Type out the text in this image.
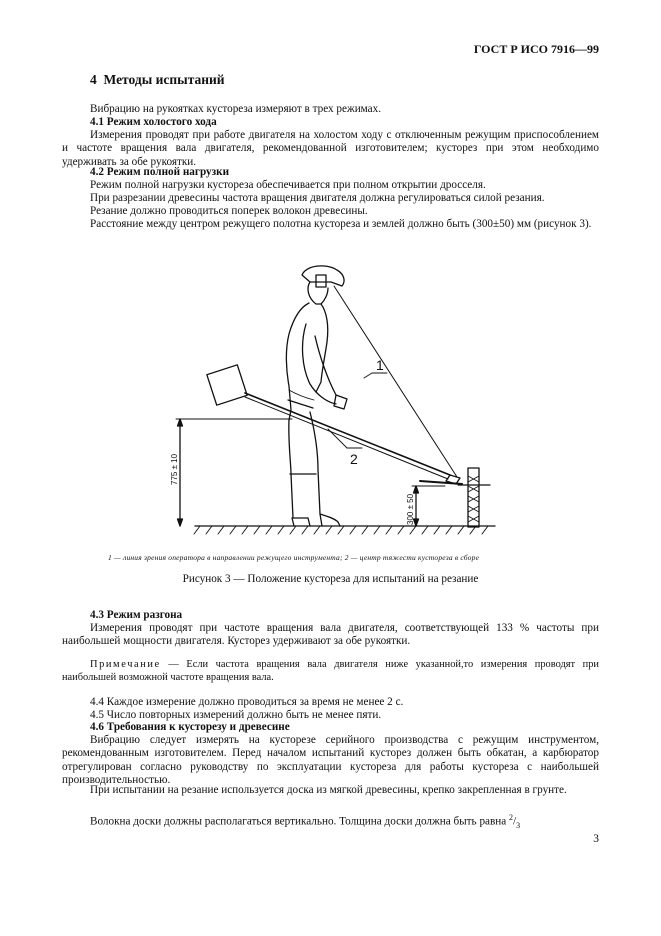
ГОСТ Р ИСО 7916—99
4 Методы испытаний
Вибрацию на рукоятках кустореза измеряют в трех режимах.
4.1 Режим холостого хода
Измерения проводят при работе двигателя на холостом ходу с отключенным режущим приспособлением и частоте вращения вала двигателя, рекомендованной изготовителем; кусторез при этом необходимо удерживать за обе рукоятки.
4.2 Режим полной нагрузки
Режим полной нагрузки кустореза обеспечивается при полном открытии дросселя.
При разрезании древесины частота вращения двигателя должна регулироваться силой резания.
Резание должно проводиться поперек волокон древесины.
Расстояние между центром режущего полотна кустореза и землей должно быть (300±50) мм (рисунок 3).
1
2
775 ± 10
300 ± 50
1 — линия зрения оператора в направлении режущего инструмента; 2 — центр тяжести кустореза в сборе
Рисунок 3 — Положение кустореза для испытаний на резание
4.3 Режим разгона
Измерения проводят при частоте вращения вала двигателя, соответствующей 133 % частоты при наибольшей мощности двигателя. Кусторез удерживают за обе рукоятки.
Примечание — Если частота вращения вала двигателя ниже указанной,то измерения проводят при наибольшей возможной частоте вращения вала.
4.4 Каждое измерение должно проводиться за время не менее 2 с.
4.5 Число повторных измерений должно быть не менее пяти.
4.6 Требования к кусторезу и древесине
Вибрацию следует измерять на кусторезе серийного производства с режущим инструментом, рекомендованным изготовителем. Перед началом испытаний кусторез должен быть обкатан, а карбюратор отрегулирован согласно руководству по эксплуатации кустореза для работы кустореза с наибольшей производительностью.
При испытании на резание используется доска из мягкой древесины, крепко закрепленная в грунте.
Волокна доски должны располагаться вертикально. Толщина доски должна быть равна $^2/_3$
3
